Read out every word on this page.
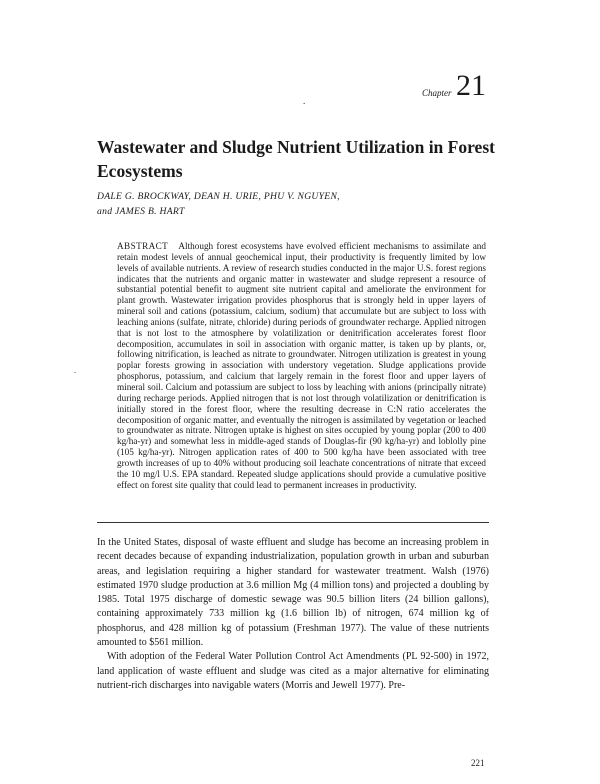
Chapter 21
.
Wastewater and Sludge Nutrient Utilization in Forest Ecosystems
DALE G. BROCKWAY, DEAN H. URIE, PHU V. NGUYEN,
and JAMES B. HART
ABSTRACT Although forest ecosystems have evolved efficient mechanisms to assimilate and retain modest levels of annual geochemical input, their productivity is frequently limited by low levels of available nutrients. A review of research studies conducted in the major U.S. forest regions indicates that the nutrients and organic matter in wastewater and sludge represent a resource of substantial potential benefit to augment site nutrient capital and ameliorate the environment for plant growth. Wastewater irrigation provides phosphorus that is strongly held in upper layers of mineral soil and cations (potassium, calcium, sodium) that accumulate but are subject to loss with leaching anions (sulfate, nitrate, chloride) during periods of groundwater recharge. Applied nitrogen that is not lost to the atmosphere by volatilization or denitrification accelerates forest floor decomposition, accumulates in soil in association with organic matter, is taken up by plants, or, following nitrification, is leached as nitrate to groundwater. Nitrogen utilization is greatest in young poplar forests growing in association with understory vegetation. Sludge applications provide phosphorus, potassium, and calcium that largely remain in the forest floor and upper layers of mineral soil. Calcium and potassium are subject to loss by leaching with anions (principally nitrate) during recharge periods. Applied nitrogen that is not lost through volatilization or denitrification is initially stored in the forest floor, where the resulting decrease in C:N ratio accelerates the decomposition of organic matter, and eventually the nitrogen is assimilated by vegetation or leached to groundwater as nitrate. Nitrogen uptake is highest on sites occupied by young poplar (200 to 400 kg/ha-yr) and somewhat less in middle-aged stands of Douglas-fir (90 kg/ha-yr) and loblolly pine (105 kg/ha-yr). Nitrogen application rates of 400 to 500 kg/ha have been associated with tree growth increases of up to 40% without producing soil leachate concentrations of nitrate that exceed the 10 mg/l U.S. EPA standard. Repeated sludge applications should provide a cumulative positive effect on forest site quality that could lead to permanent increases in productivity.
.

In the United States, disposal of waste effluent and sludge has become an increasing problem in recent decades because of expanding industrialization, population growth in urban and suburban areas, and legislation requiring a higher standard for wastewater treatment. Walsh (1976) estimated 1970 sludge production at 3.6 million Mg (4 million tons) and projected a doubling by 1985. Total 1975 discharge of domestic sewage was 90.5 billion liters (24 billion gallons), containing approximately 733 million kg (1.6 billion lb) of nitrogen, 674 million kg of phosphorus, and 428 million kg of potassium (Freshman 1977). The value of these nutrients amounted to $561 million.

With adoption of the Federal Water Pollution Control Act Amendments (PL 92-500) in 1972, land application of waste effluent and sludge was cited as a major alternative for eliminating nutrient-rich discharges into navigable waters (Morris and Jewell 1977). Pre-

221
